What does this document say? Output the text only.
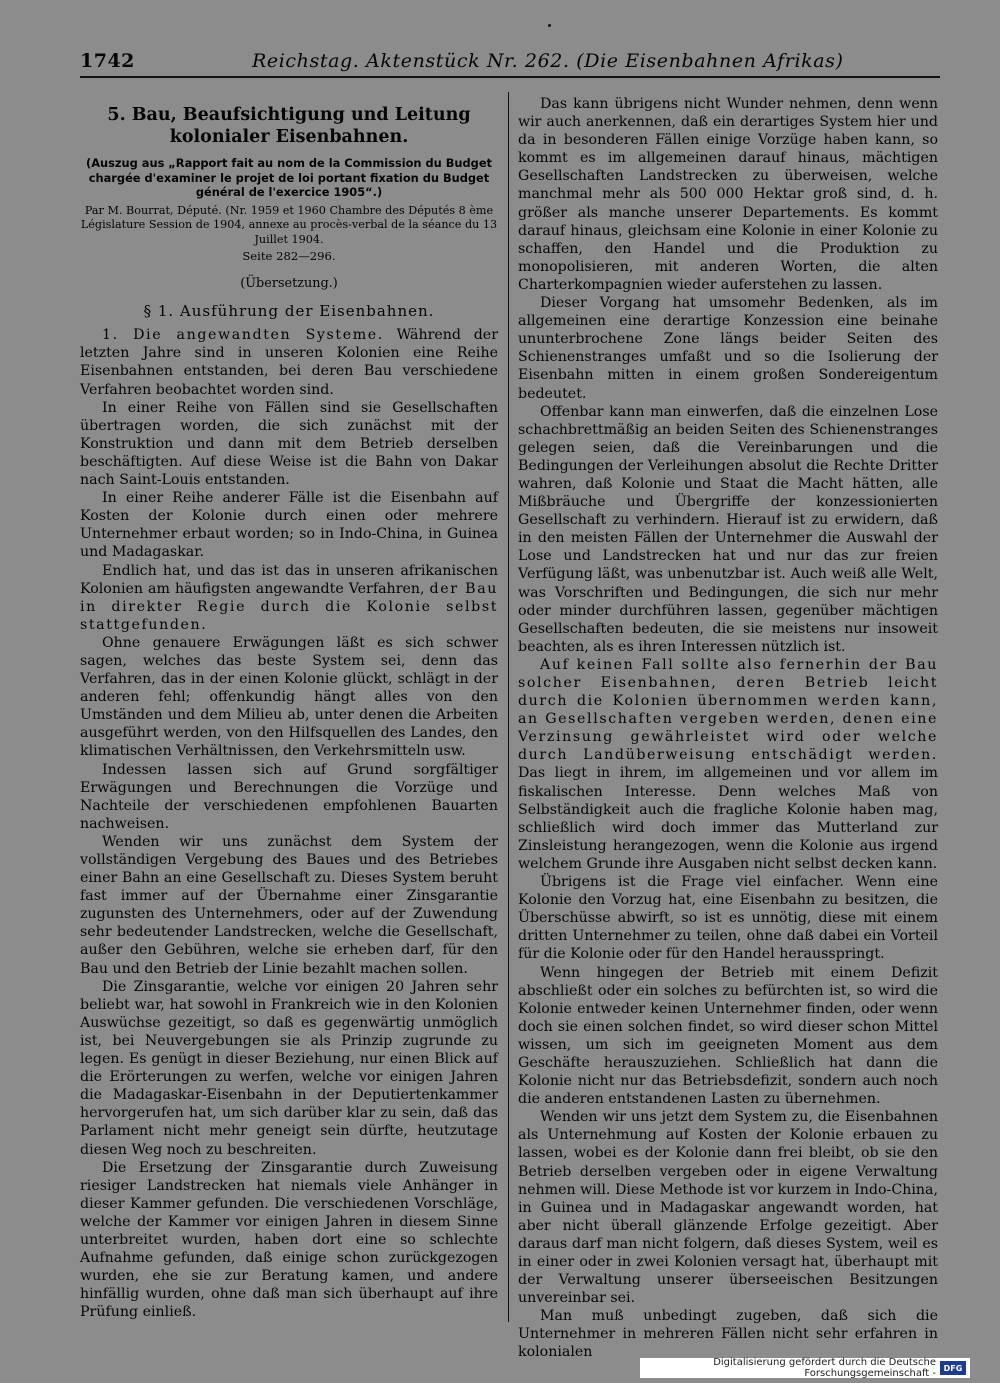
1742	Reichstag. Aktenstück Nr. 262. (Die Eisenbahnen Afrikas)
5. Bau, Beaufsichtigung und Leitung kolonialer Eisenbahnen.
(Auszug aus „Rapport fait au nom de la Commission du Budget chargée d'examiner le projet de loi portant fixation du Budget général de l'exercice 1905“.)
Par M. Bourrat, Député. (Nr. 1959 et 1960 Chambre des Députés 8 ème Législature Session de 1904, annexe au procès-verbal de la séance du 13 Juillet 1904.
Seite 282—296.
(Übersetzung.)
§ 1. Ausführung der Eisenbahnen.

1. Die angewandten Systeme. Während der letzten Jahre sind in unseren Kolonien eine Reihe Eisenbahnen entstanden, bei deren Bau verschiedene Verfahren beobachtet worden sind.

In einer Reihe von Fällen sind sie Gesellschaften übertragen worden, die sich zunächst mit der Konstruktion und dann mit dem Betrieb derselben beschäftigten. Auf diese Weise ist die Bahn von Dakar nach Saint-Louis entstanden.

In einer Reihe anderer Fälle ist die Eisenbahn auf Kosten der Kolonie durch einen oder mehrere Unternehmer erbaut worden; so in Indo-China, in Guinea und Madagaskar.

Endlich hat, und das ist das in unseren afrikanischen Kolonien am häufigsten angewandte Verfahren, der Bau in direkter Regie durch die Kolonie selbst stattgefunden.

Ohne genauere Erwägungen läßt es sich schwer sagen, welches das beste System sei, denn das Verfahren, das in der einen Kolonie glückt, schlägt in der anderen fehl; offenkundig hängt alles von den Umständen und dem Milieu ab, unter denen die Arbeiten ausgeführt werden, von den Hilfsquellen des Landes, den klimatischen Verhältnissen, den Verkehrsmitteln usw.

Indessen lassen sich auf Grund sorgfältiger Erwägungen und Berechnungen die Vorzüge und Nachteile der verschiedenen empfohlenen Bauarten nachweisen.

Wenden wir uns zunächst dem System der vollständigen Vergebung des Baues und des Betriebes einer Bahn an eine Gesellschaft zu. Dieses System beruht fast immer auf der Übernahme einer Zinsgarantie zugunsten des Unternehmers, oder auf der Zuwendung sehr bedeutender Landstrecken, welche die Gesellschaft, außer den Gebühren, welche sie erheben darf, für den Bau und den Betrieb der Linie bezahlt machen sollen.

Die Zinsgarantie, welche vor einigen 20 Jahren sehr beliebt war, hat sowohl in Frankreich wie in den Kolonien Auswüchse gezeitigt, so daß es gegenwärtig unmöglich ist, bei Neuvergebungen sie als Prinzip zugrunde zu legen. Es genügt in dieser Beziehung, nur einen Blick auf die Erörterungen zu werfen, welche vor einigen Jahren die Madagaskar-Eisenbahn in der Deputiertenkammer hervorgerufen hat, um sich darüber klar zu sein, daß das Parlament nicht mehr geneigt sein dürfte, heutzutage diesen Weg noch zu beschreiten.

Die Ersetzung der Zinsgarantie durch Zuweisung riesiger Landstrecken hat niemals viele Anhänger in dieser Kammer gefunden. Die verschiedenen Vorschläge, welche der Kammer vor einigen Jahren in diesem Sinne unterbreitet wurden, haben dort eine so schlechte Aufnahme gefunden, daß einige schon zurückgezogen wurden, ehe sie zur Beratung kamen, und andere hinfällig wurden, ohne daß man sich überhaupt auf ihre Prüfung einließ.

Das kann übrigens nicht Wunder nehmen, denn wenn wir auch anerkennen, daß ein derartiges System hier und da in besonderen Fällen einige Vorzüge haben kann, so kommt es im allgemeinen darauf hinaus, mächtigen Gesellschaften Landstrecken zu überweisen, welche manchmal mehr als 500 000 Hektar groß sind, d. h. größer als manche unserer Departements. Es kommt darauf hinaus, gleichsam eine Kolonie in einer Kolonie zu schaffen, den Handel und die Produktion zu monopolisieren, mit anderen Worten, die alten Charterkompagnien wieder auferstehen zu lassen.

Dieser Vorgang hat umsomehr Bedenken, als im allgemeinen eine derartige Konzession eine beinahe ununterbrochene Zone längs beider Seiten des Schienenstranges umfaßt und so die Isolierung der Eisenbahn mitten in einem großen Sondereigentum bedeutet.

Offenbar kann man einwerfen, daß die einzelnen Lose schachbrettmäßig an beiden Seiten des Schienenstranges gelegen seien, daß die Vereinbarungen und die Bedingungen der Verleihungen absolut die Rechte Dritter wahren, daß Kolonie und Staat die Macht hätten, alle Mißbräuche und Übergriffe der konzessionierten Gesellschaft zu verhindern. Hierauf ist zu erwidern, daß in den meisten Fällen der Unternehmer die Auswahl der Lose und Landstrecken hat und nur das zur freien Verfügung läßt, was unbenutzbar ist. Auch weiß alle Welt, was Vorschriften und Bedingungen, die sich nur mehr oder minder durchführen lassen, gegenüber mächtigen Gesellschaften bedeuten, die sie meistens nur insoweit beachten, als es ihren Interessen nützlich ist.

Auf keinen Fall sollte also fernerhin der Bau solcher Eisenbahnen, deren Betrieb leicht durch die Kolonien übernommen werden kann, an Gesellschaften vergeben werden, denen eine Verzinsung gewährleistet wird oder welche durch Landüberweisung entschädigt werden. Das liegt in ihrem, im allgemeinen und vor allem im fiskalischen Interesse. Denn welches Maß von Selbständigkeit auch die fragliche Kolonie haben mag, schließlich wird doch immer das Mutterland zur Zinsleistung herangezogen, wenn die Kolonie aus irgend welchem Grunde ihre Ausgaben nicht selbst decken kann.

Übrigens ist die Frage viel einfacher. Wenn eine Kolonie den Vorzug hat, eine Eisenbahn zu besitzen, die Überschüsse abwirft, so ist es unnötig, diese mit einem dritten Unternehmer zu teilen, ohne daß dabei ein Vorteil für die Kolonie oder für den Handel herausspringt.

Wenn hingegen der Betrieb mit einem Defizit abschließt oder ein solches zu befürchten ist, so wird die Kolonie entweder keinen Unternehmer finden, oder wenn doch sie einen solchen findet, so wird dieser schon Mittel wissen, um sich im geeigneten Moment aus dem Geschäfte herauszuziehen. Schließlich hat dann die Kolonie nicht nur das Betriebsdefizit, sondern auch noch die anderen entstandenen Lasten zu übernehmen.

Wenden wir uns jetzt dem System zu, die Eisenbahnen als Unternehmung auf Kosten der Kolonie erbauen zu lassen, wobei es der Kolonie dann frei bleibt, ob sie den Betrieb derselben vergeben oder in eigene Verwaltung nehmen will. Diese Methode ist vor kurzem in Indo-China, in Guinea und in Madagaskar angewandt worden, hat aber nicht überall glänzende Erfolge gezeitigt. Aber daraus darf man nicht folgern, daß dieses System, weil es in einer oder in zwei Kolonien versagt hat, überhaupt mit der Verwaltung unserer überseeischen Besitzungen unvereinbar sei.

Man muß unbedingt zugeben, daß sich die Unternehmer in mehreren Fällen nicht sehr erfahren in kolonialen

Digitalisierung gefördert durch die Deutsche Forschungsgemeinschaft - DFG
